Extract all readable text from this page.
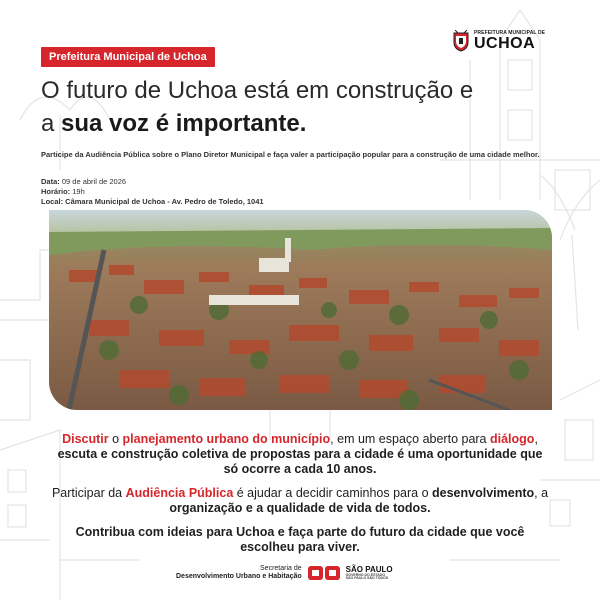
Prefeitura Municipal de Uchoa
PREFEITURA MUNICIPAL DE
UCHOA
O futuro de Uchoa está em construção e
a sua voz é importante.
Participe da Audiência Pública sobre o Plano Diretor Municipal e faça valer a participação popular para a construção de uma cidade melhor.
Data: 09 de abril de 2026
Horário: 19h
Local: Câmara Municipal de Uchoa - Av. Pedro de Toledo, 1041
Discutir o planejamento urbano do município, em um espaço aberto para diálogo, escuta e construção coletiva de propostas para a cidade é uma oportunidade que só ocorre a cada 10 anos.
Participar da Audiência Pública é ajudar a decidir caminhos para o desenvolvimento, a organização e a qualidade de vida de todos.
Contribua com ideias para Uchoa e faça parte do futuro da cidade que você escolheu para viver.
Secretaria de
Desenvolvimento Urbano e Habitação
SÃO PAULO
GOVERNO DO ESTADO
SÃO PAULO SÃO TODOS
